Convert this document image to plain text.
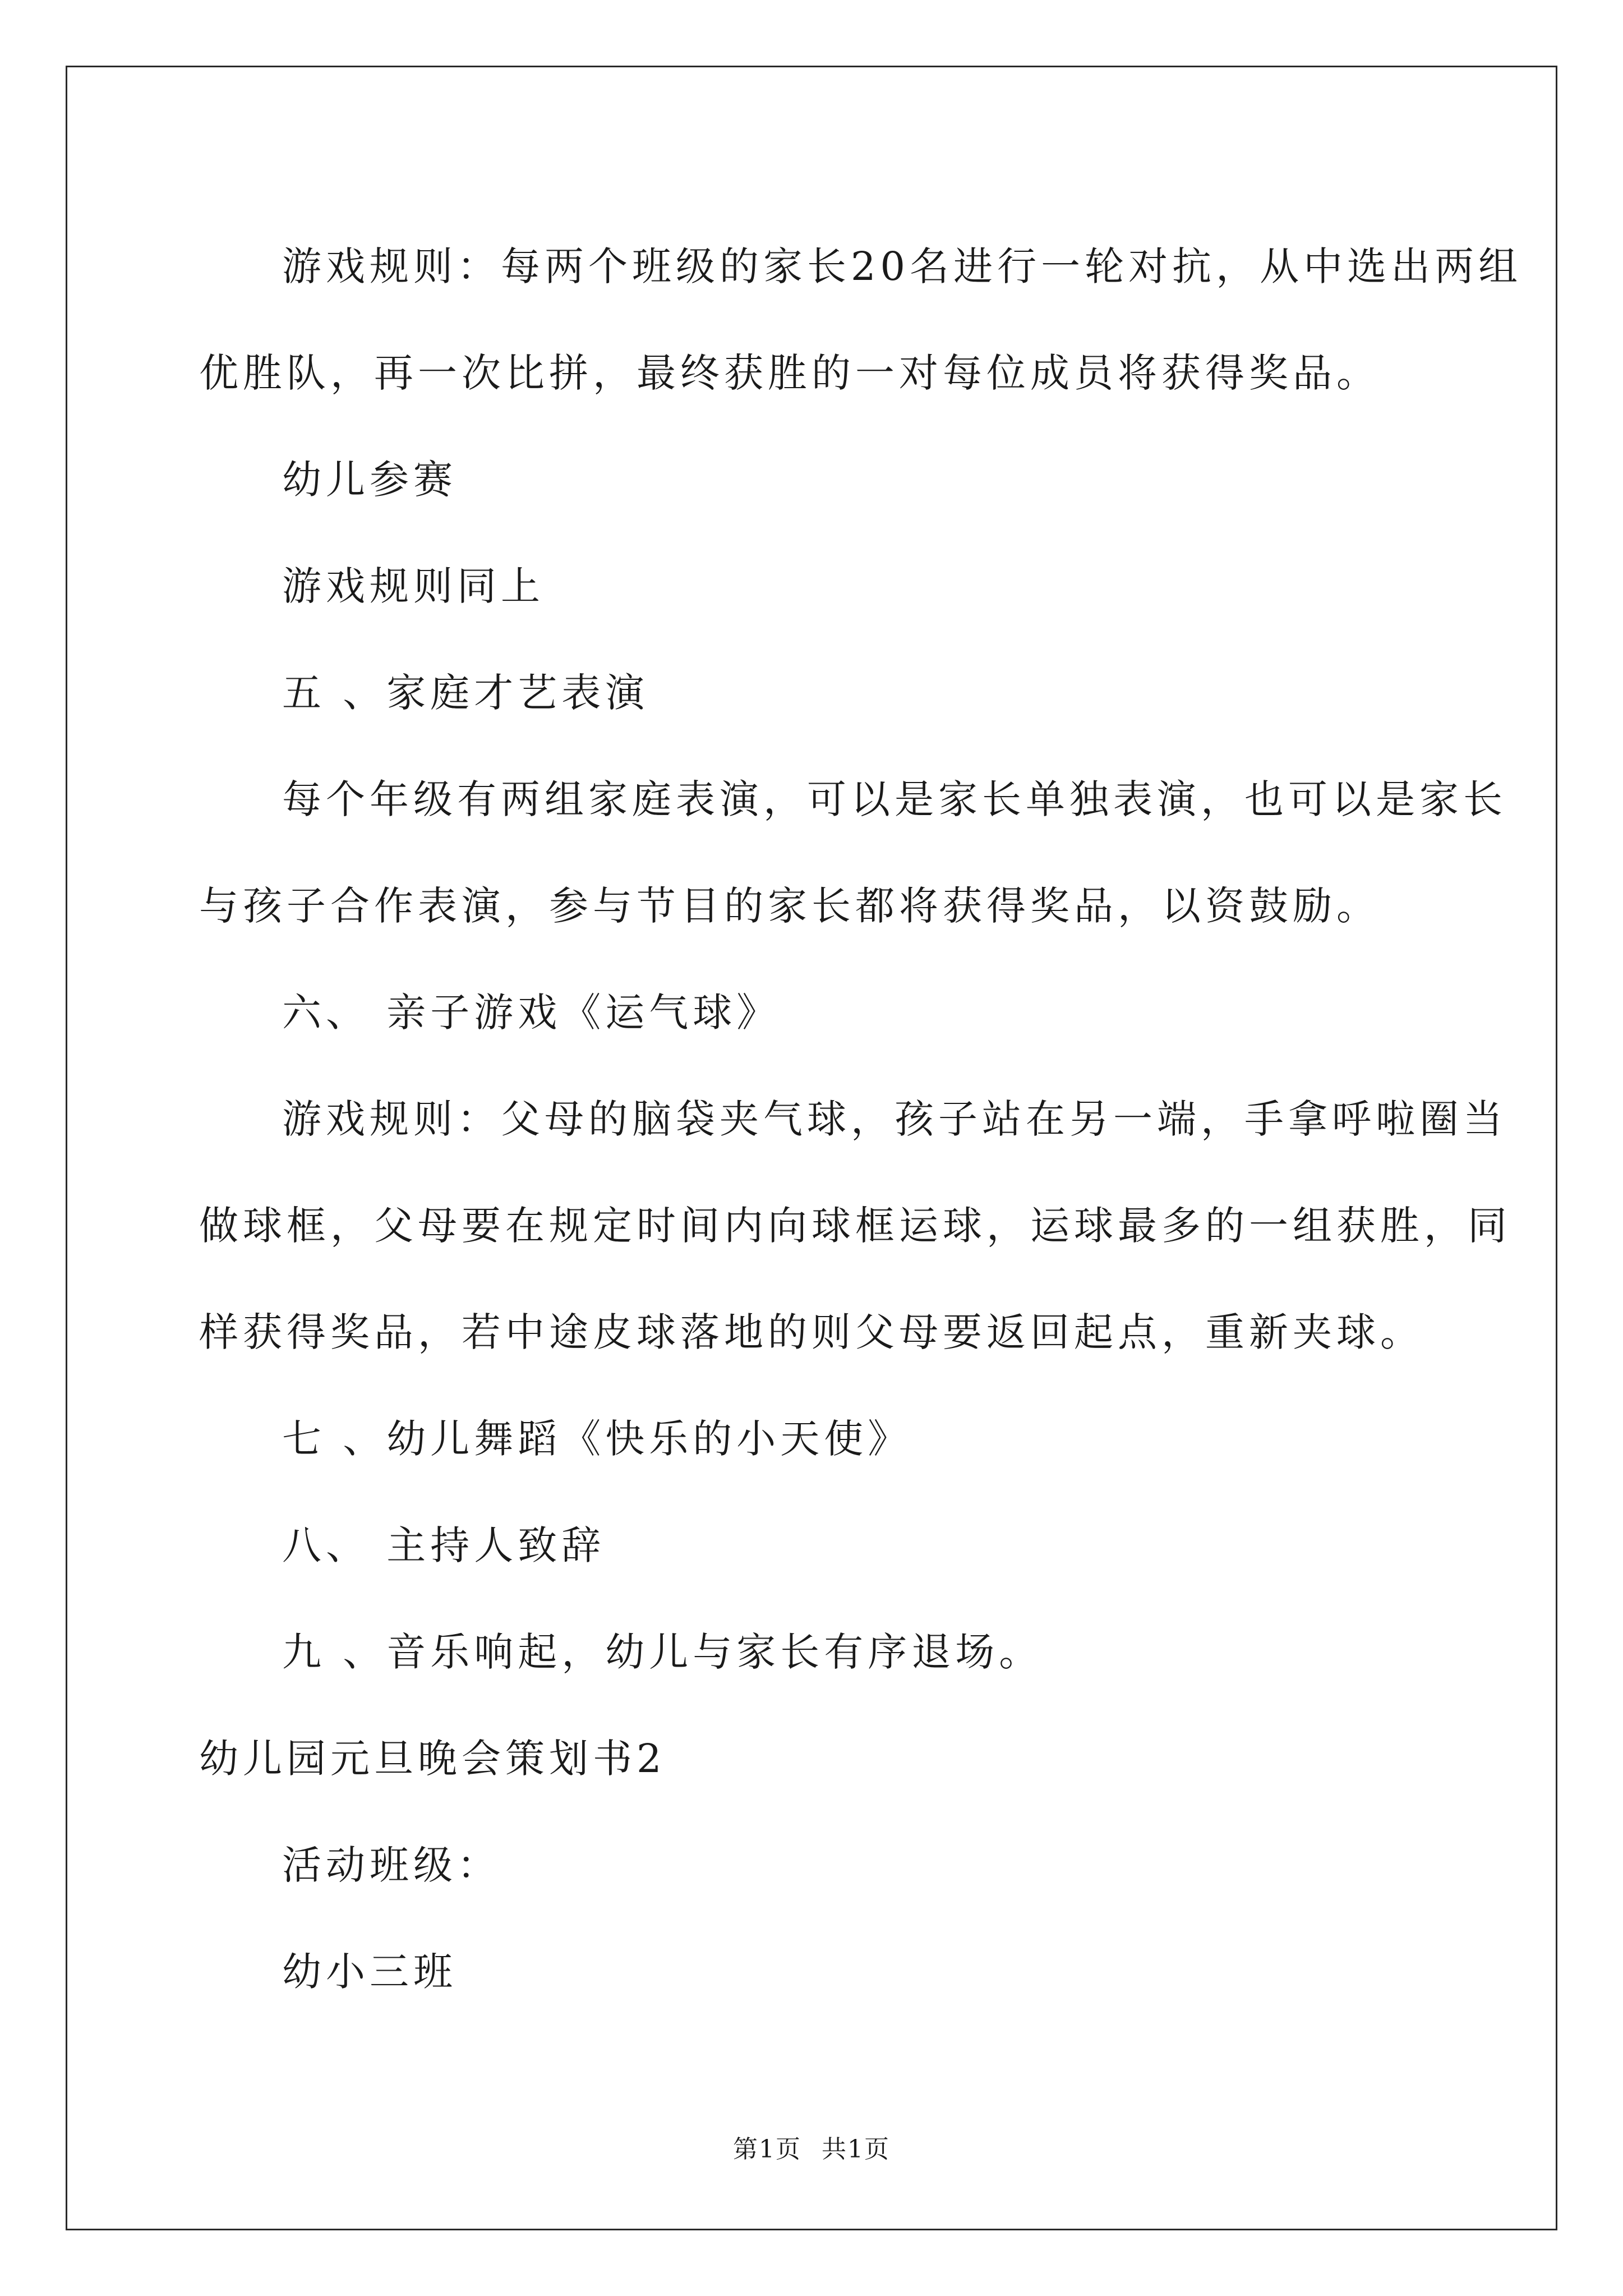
游戏规则：每两个班级的家长20名进行一轮对抗，从中选出两组

优胜队，再一次比拼，最终获胜的一对每位成员将获得奖品。

幼儿参赛

游戏规则同上

五 、家庭才艺表演

每个年级有两组家庭表演，可以是家长单独表演，也可以是家长

与孩子合作表演，参与节目的家长都将获得奖品，以资鼓励。

六、 亲子游戏《运气球》

游戏规则：父母的脑袋夹气球，孩子站在另一端，手拿呼啦圈当

做球框，父母要在规定时间内向球框运球，运球最多的一组获胜，同

样获得奖品，若中途皮球落地的则父母要返回起点，重新夹球。

七 、幼儿舞蹈《快乐的小天使》

八、 主持人致辞

九 、音乐响起，幼儿与家长有序退场。

幼儿园元旦晚会策划书2

活动班级：

幼小三班

第1页 共1页
